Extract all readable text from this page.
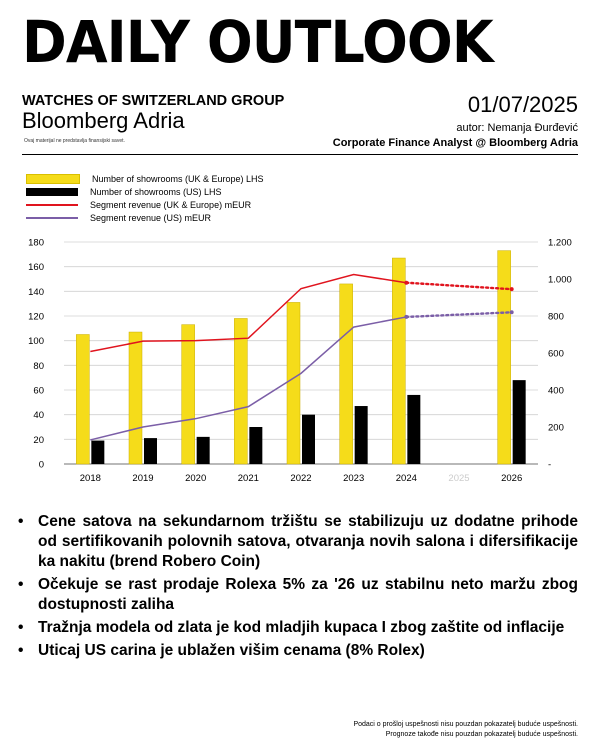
DAILY OUTLOOK
WATCHES OF SWITZERLAND GROUP
Bloomberg Adria
Ovaj materijal ne predstavlja finansijski savet.
01/07/2025
autor: Nemanja Đurđević
Corporate Finance Analyst @ Bloomberg Adria
Number of showrooms (UK & Europe) LHS
Number of showrooms (US) LHS
Segment revenue (UK & Europe) mEUR
Segment revenue (US) mEUR
0
20
40
60
80
100
120
140
160
180
-
200
400
600
800
1.000
1.200
2018	2019	2020	2021	2022	2023	2024	2025	2026
• Cene satova na sekundarnom tržištu se stabilizuju uz dodatne prihode od sertifikovanih polovnih satova, otvaranja novih salona i difersifikacije ka nakitu (brend Robero Coin)
• Očekuje se rast prodaje Rolexa 5% za '26 uz stabilnu neto maržu zbog dostupnosti zaliha
• Tražnja modela od zlata je kod mladjih kupaca I zbog zaštite od inflacije
• Uticaj US carina je ublažen višim cenama (8% Rolex)
Podaci o prošloj uspešnosti nisu pouzdan pokazatelj buduće uspešnosti.
Prognoze takođe nisu pouzdan pokazatelj buduće uspešnosti.
